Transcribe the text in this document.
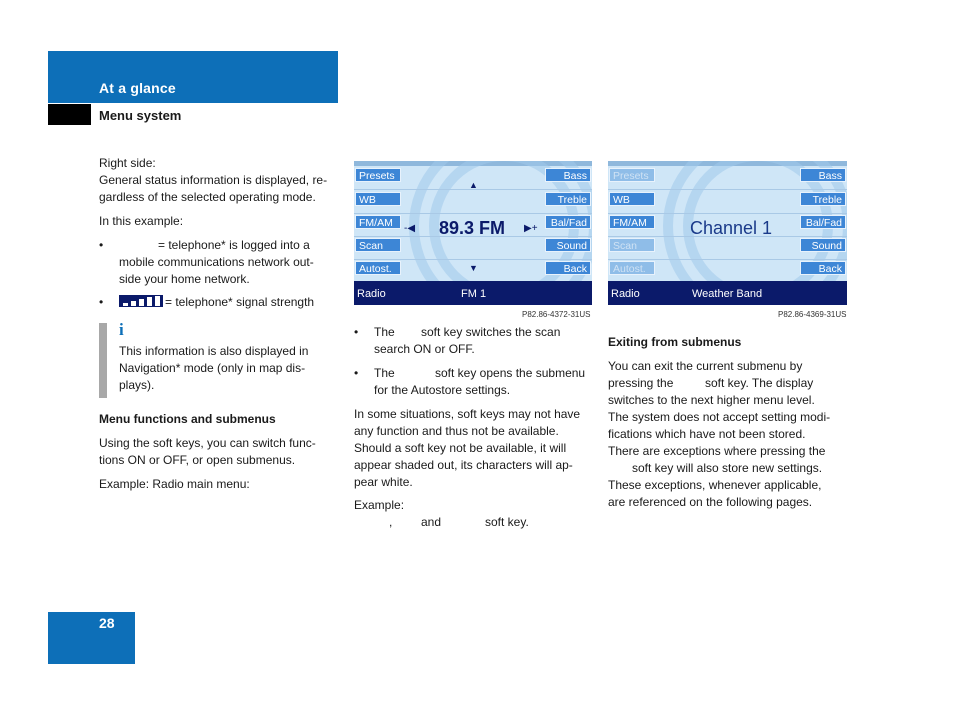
At a glance
Menu system
Right side:
General status information is displayed, re-
gardless of the selected operating mode.
In this example:
•	= telephone* is logged into a
mobile communications network out-
side your home network.
•	= telephone* signal strength
i
This information is also displayed in
Navigation* mode (only in map dis-
plays).
Menu functions and submenus
Using the soft keys, you can switch func-
tions ON or OFF, or open submenus.
Example: Radio main menu:
Presets
WB
FM/AM
Scan
Autost.
Bass
Treble
Bal/Fad
Sound
Back
▲
▼
-◀	▶+
89.3 FM
Radio	FM 1
P82.86-4372-31US
Presets
WB
FM/AM
Scan
Autost.
Bass
Treble
Bal/Fad
Sound
Back
Channel 1
Radio	Weather Band
P82.86-4369-31US
• The soft key switches the scan
search ON or OFF.
• The	soft key opens the submenu
for the Autostore settings.
In some situations, soft keys may not have
any function and thus not be available.
Should a soft key not be available, it will
appear shaded out, its characters will ap-
pear white.
Example:
, and	soft key.
Exiting from submenus
You can exit the current submenu by
pressing the	soft key. The display
switches to the next higher menu level.
The system does not accept setting modi-
fications which have not been stored.
There are exceptions where pressing the
soft key will also store new settings.
These exceptions, whenever applicable,
are referenced on the following pages.
28
